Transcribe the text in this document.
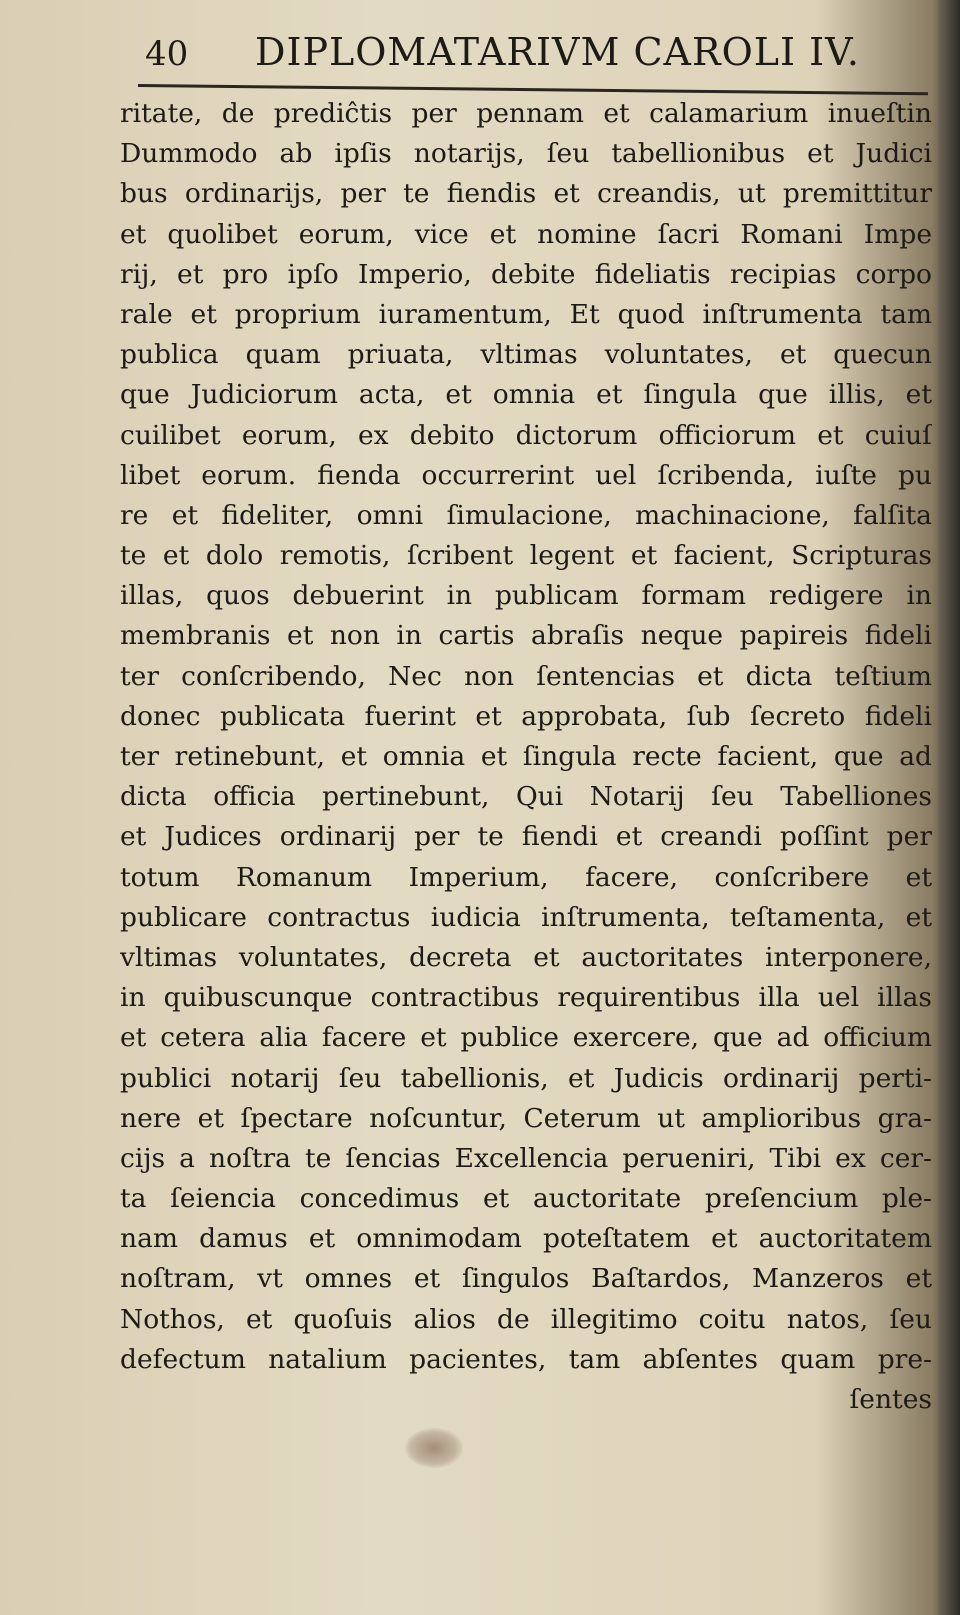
40 DIPLOMATARIVM CAROLI IV.
ritate, de prediĉtis per pennam et calamarium inueſtin
Dummodo ab ipſis notarijs, ſeu tabellionibus et Judici
bus ordinarijs, per te fiendis et creandis, ut premittitur
et quolibet eorum, vice et nomine ſacri Romani Impe
rij, et pro ipſo Imperio, debite fideliatis recipias corpo
rale et proprium iuramentum, Et quod inſtrumenta tam
publica quam priuata, vltimas voluntates, et quecun
que Judiciorum acta, et omnia et ſingula que illis, et
cuilibet eorum, ex debito dictorum officiorum et cuiuſ
libet eorum. fienda occurrerint uel ſcribenda, iuſte pu
re et fideliter, omni ſimulacione, machinacione, falſita
te et dolo remotis, ſcribent legent et facient, Scripturas
illas, quos debuerint in publicam formam redigere in
membranis et non in cartis abraſis neque papireis fideli
ter conſcribendo, Nec non ſentencias et dicta teſtium
donec publicata fuerint et approbata, ſub ſecreto fideli
ter retinebunt, et omnia et ſingula recte facient, que ad
dicta officia pertinebunt, Qui Notarij ſeu Tabelliones
et Judices ordinarij per te fiendi et creandi poſſint per
totum Romanum Imperium, facere, conſcribere et
publicare contractus iudicia inſtrumenta, teſtamenta, et
vltimas voluntates, decreta et auctoritates interponere,
in quibuscunque contractibus requirentibus illa uel illas
et cetera alia facere et publice exercere, que ad officium
publici notarij ſeu tabellionis, et Judicis ordinarij perti-
nere et ſpectare noſcuntur, Ceterum ut amplioribus gra-
cijs a noſtra te ſencias Excellencia perueniri, Tibi ex cer-
ta ſeiencia concedimus et auctoritate preſencium ple-
nam damus et omnimodam poteſtatem et auctoritatem
noſtram, vt omnes et ſingulos Baſtardos, Manzeros et
Nothos, et quoſuis alios de illegitimo coitu natos, ſeu
defectum natalium pacientes, tam abſentes quam pre-
ſentes
